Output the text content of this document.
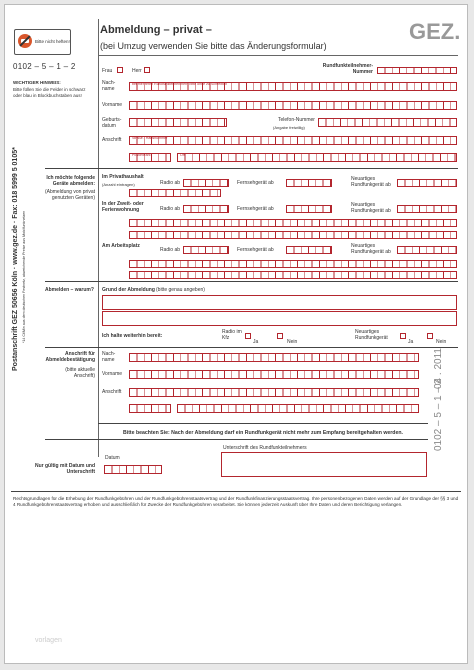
Bitte nicht heften!
0102 – 5 – 1 – 2
WICHTIGER HINWEIS:
Bitte füllen Sie die Felder in schwarz oder blau in Blockbuchstaben aus!
Abmeldung – privat –
(bei Umzug verwenden Sie bitte das Änderungsformular)
GEZ.
Postanschrift GEZ 50656 Köln · www.gez.de · Fax: 018 5999 5 0105* *14 Ct/Min aus dem deutschen Festnetz, abweichende Preise aus Mobilfunknetzen
0102 – 5 – 1 – 2
04 . 2011
Frau	Herr
Rundfunkteilnehmer-Nummer
Nach-name
bei mehreren Rundfunkteilnehmern bitte ohne zu Schreiben
Vorname
Geburts-datum
Telefon-Nummer
(Angabe freiwillig)
Anschrift	Straße / Hausnummer
Postleitzahl	Ort
Ich möchte folgende Geräte abmelden:
(Abmeldung von privat genutzten Geräten)
Im Privathaushalt
(Anzahl eintragen)	Radio ab	Fernsehgerät ab
Neuartiges Rundfunkgerät ab
In der Zweit- oder Ferienwohnung	Radio ab	Fernsehgerät ab
Neuartiges Rundfunkgerät ab
Am Arbeitsplatz
Radio ab	Fernsehgerät ab
Neuartiges Rundfunkgerät ab
Abmelden – warum? Grund der Abmeldung (bitte genau angeben)
Ich halte weiterhin bereit:
Radio im Kfz
Ja	Nein
Neuartiges Rundfunkgerät
Ja	Nein
Anschrift für Abmeldebestätigung
(bitte aktuelle Anschrift)
Nach-name
Vorname
Anschrift
Bitte beachten Sie: Nach der Abmeldung darf ein Rundfunkgerät nicht mehr zum Empfang bereitgehalten werden.
Nur gültig mit Datum und Unterschrift
Datum
Unterschrift des Rundfunkteilnehmers
Rechtsgrundlagen für die Erhebung der Rundfunkgebühren und der Rundfunkgebührenstaatsvertrag und der Rundfunkfinanzierungsstaatsvertrag. Ihre personenbezogenen Daten werden auf der Grundlage der §§ 3 und 4 Rundfunkgebührenstaatsvertrag erhoben und ausschließlich für Zwecke der Rundfunkgebühren verarbeitet. Sie können jederzeit Auskunft über Ihre Daten und deren Berichtigung verlangen.
vorlagen
